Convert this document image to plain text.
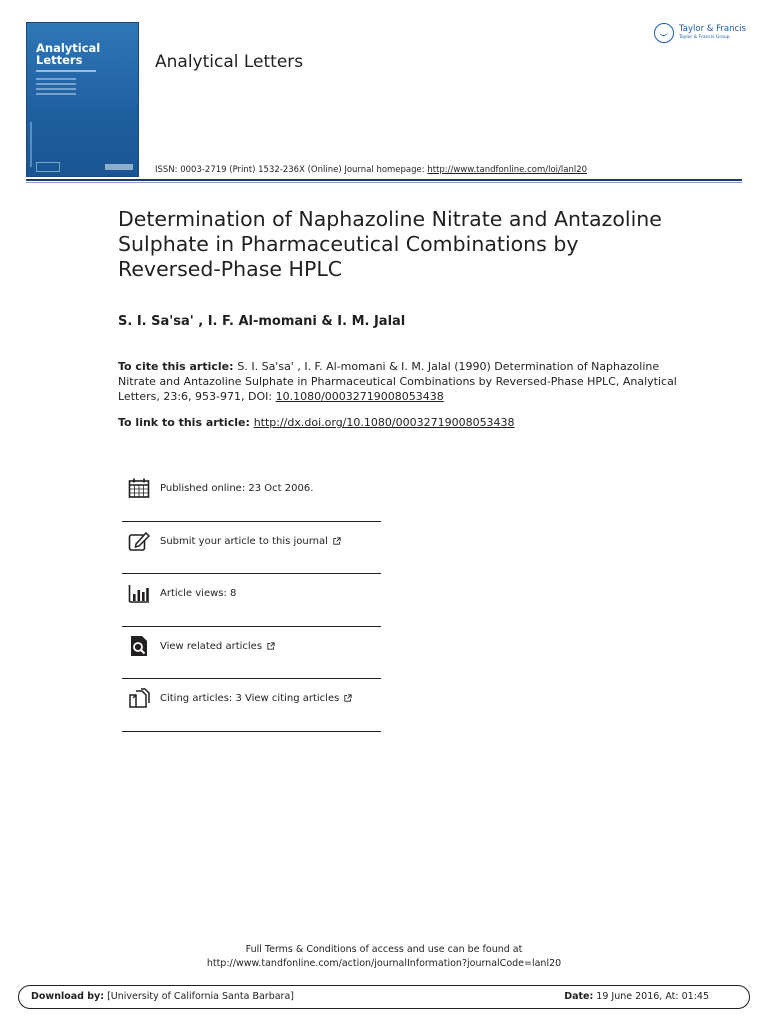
Analytical
Letters	Analytical Letters
Taylor & Francis
Taylor & Francis Group
ISSN: 0003-2719 (Print) 1532-236X (Online) Journal homepage: http://www.tandfonline.com/loi/lanl20
Determination of Naphazoline Nitrate and Antazoline Sulphate in Pharmaceutical Combinations by Reversed-Phase HPLC
S. I. Sa'sa' , I. F. Al-momani & I. M. Jalal
To cite this article: S. I. Sa'sa' , I. F. Al-momani & I. M. Jalal (1990) Determination of Naphazoline Nitrate and Antazoline Sulphate in Pharmaceutical Combinations by Reversed-Phase HPLC, Analytical Letters, 23:6, 953-971, DOI: 10.1080/00032719008053438
To link to this article: http://dx.doi.org/10.1080/00032719008053438
Published online: 23 Oct 2006.
Submit your article to this journal
Article views: 8
View related articles
Citing articles: 3 View citing articles
Full Terms & Conditions of access and use can be found at
http://www.tandfonline.com/action/journalInformation?journalCode=lanl20
Download by: [University of California Santa Barbara]	Date: 19 June 2016, At: 01:45
